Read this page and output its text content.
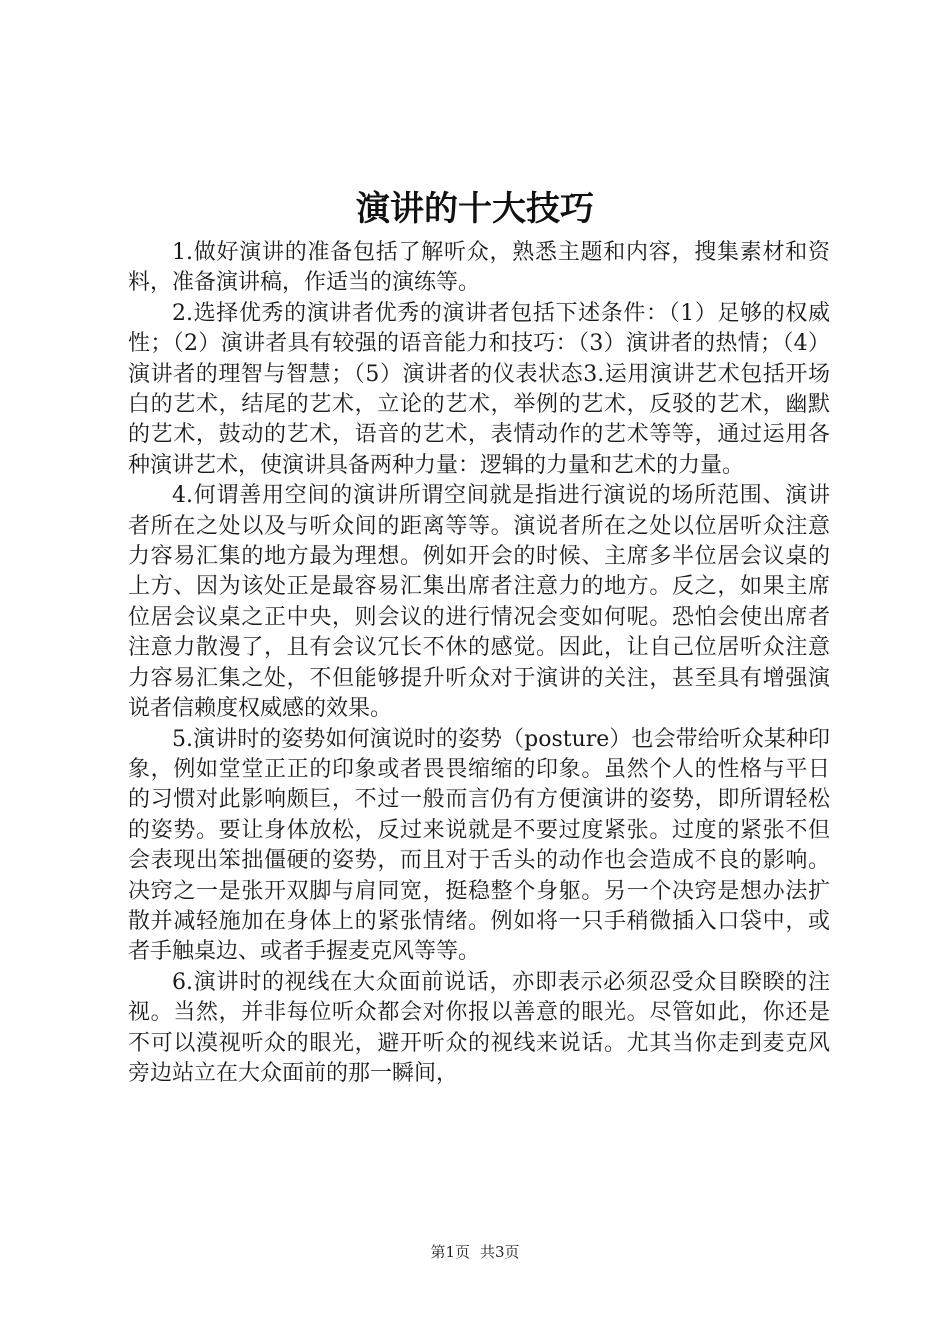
演讲的十大技巧

1.做好演讲的准备包括了解听众，熟悉主题和内容，搜集素材和资料，准备演讲稿，作适当的演练等。

2.选择优秀的演讲者优秀的演讲者包括下述条件：（1）足够的权威性；（2）演讲者具有较强的语音能力和技巧：（3）演讲者的热情；（4）演讲者的理智与智慧；（5）演讲者的仪表状态3.运用演讲艺术包括开场白的艺术，结尾的艺术，立论的艺术，举例的艺术，反驳的艺术，幽默的艺术，鼓动的艺术，语音的艺术，表情动作的艺术等等，通过运用各种演讲艺术，使演讲具备两种力量：逻辑的力量和艺术的力量。

4.何谓善用空间的演讲所谓空间就是指进行演说的场所范围、演讲者所在之处以及与听众间的距离等等。演说者所在之处以位居听众注意力容易汇集的地方最为理想。例如开会的时候、主席多半位居会议桌的上方、因为该处正是最容易汇集出席者注意力的地方。反之，如果主席位居会议桌之正中央，则会议的进行情况会变如何呢。恐怕会使出席者注意力散漫了，且有会议冗长不休的感觉。因此，让自己位居听众注意力容易汇集之处，不但能够提升听众对于演讲的关注，甚至具有增强演说者信赖度权威感的效果。

5.演讲时的姿势如何演说时的姿势（posture）也会带给听众某种印象，例如堂堂正正的印象或者畏畏缩缩的印象。虽然个人的性格与平日的习惯对此影响颇巨，不过一般而言仍有方便演讲的姿势，即所谓轻松的姿势。要让身体放松，反过来说就是不要过度紧张。过度的紧张不但会表现出笨拙僵硬的姿势，而且对于舌头的动作也会造成不良的影响。决窍之一是张开双脚与肩同宽，挺稳整个身躯。另一个决窍是想办法扩散并减轻施加在身体上的紧张情绪。例如将一只手稍微插入口袋中，或者手触桌边、或者手握麦克风等等。

6.演讲时的视线在大众面前说话，亦即表示必须忍受众目睽睽的注视。当然，并非每位听众都会对你报以善意的眼光。尽管如此，你还是不可以漠视听众的眼光，避开听众的视线来说话。尤其当你走到麦克风旁边站立在大众面前的那一瞬间，

第1页 共3页
